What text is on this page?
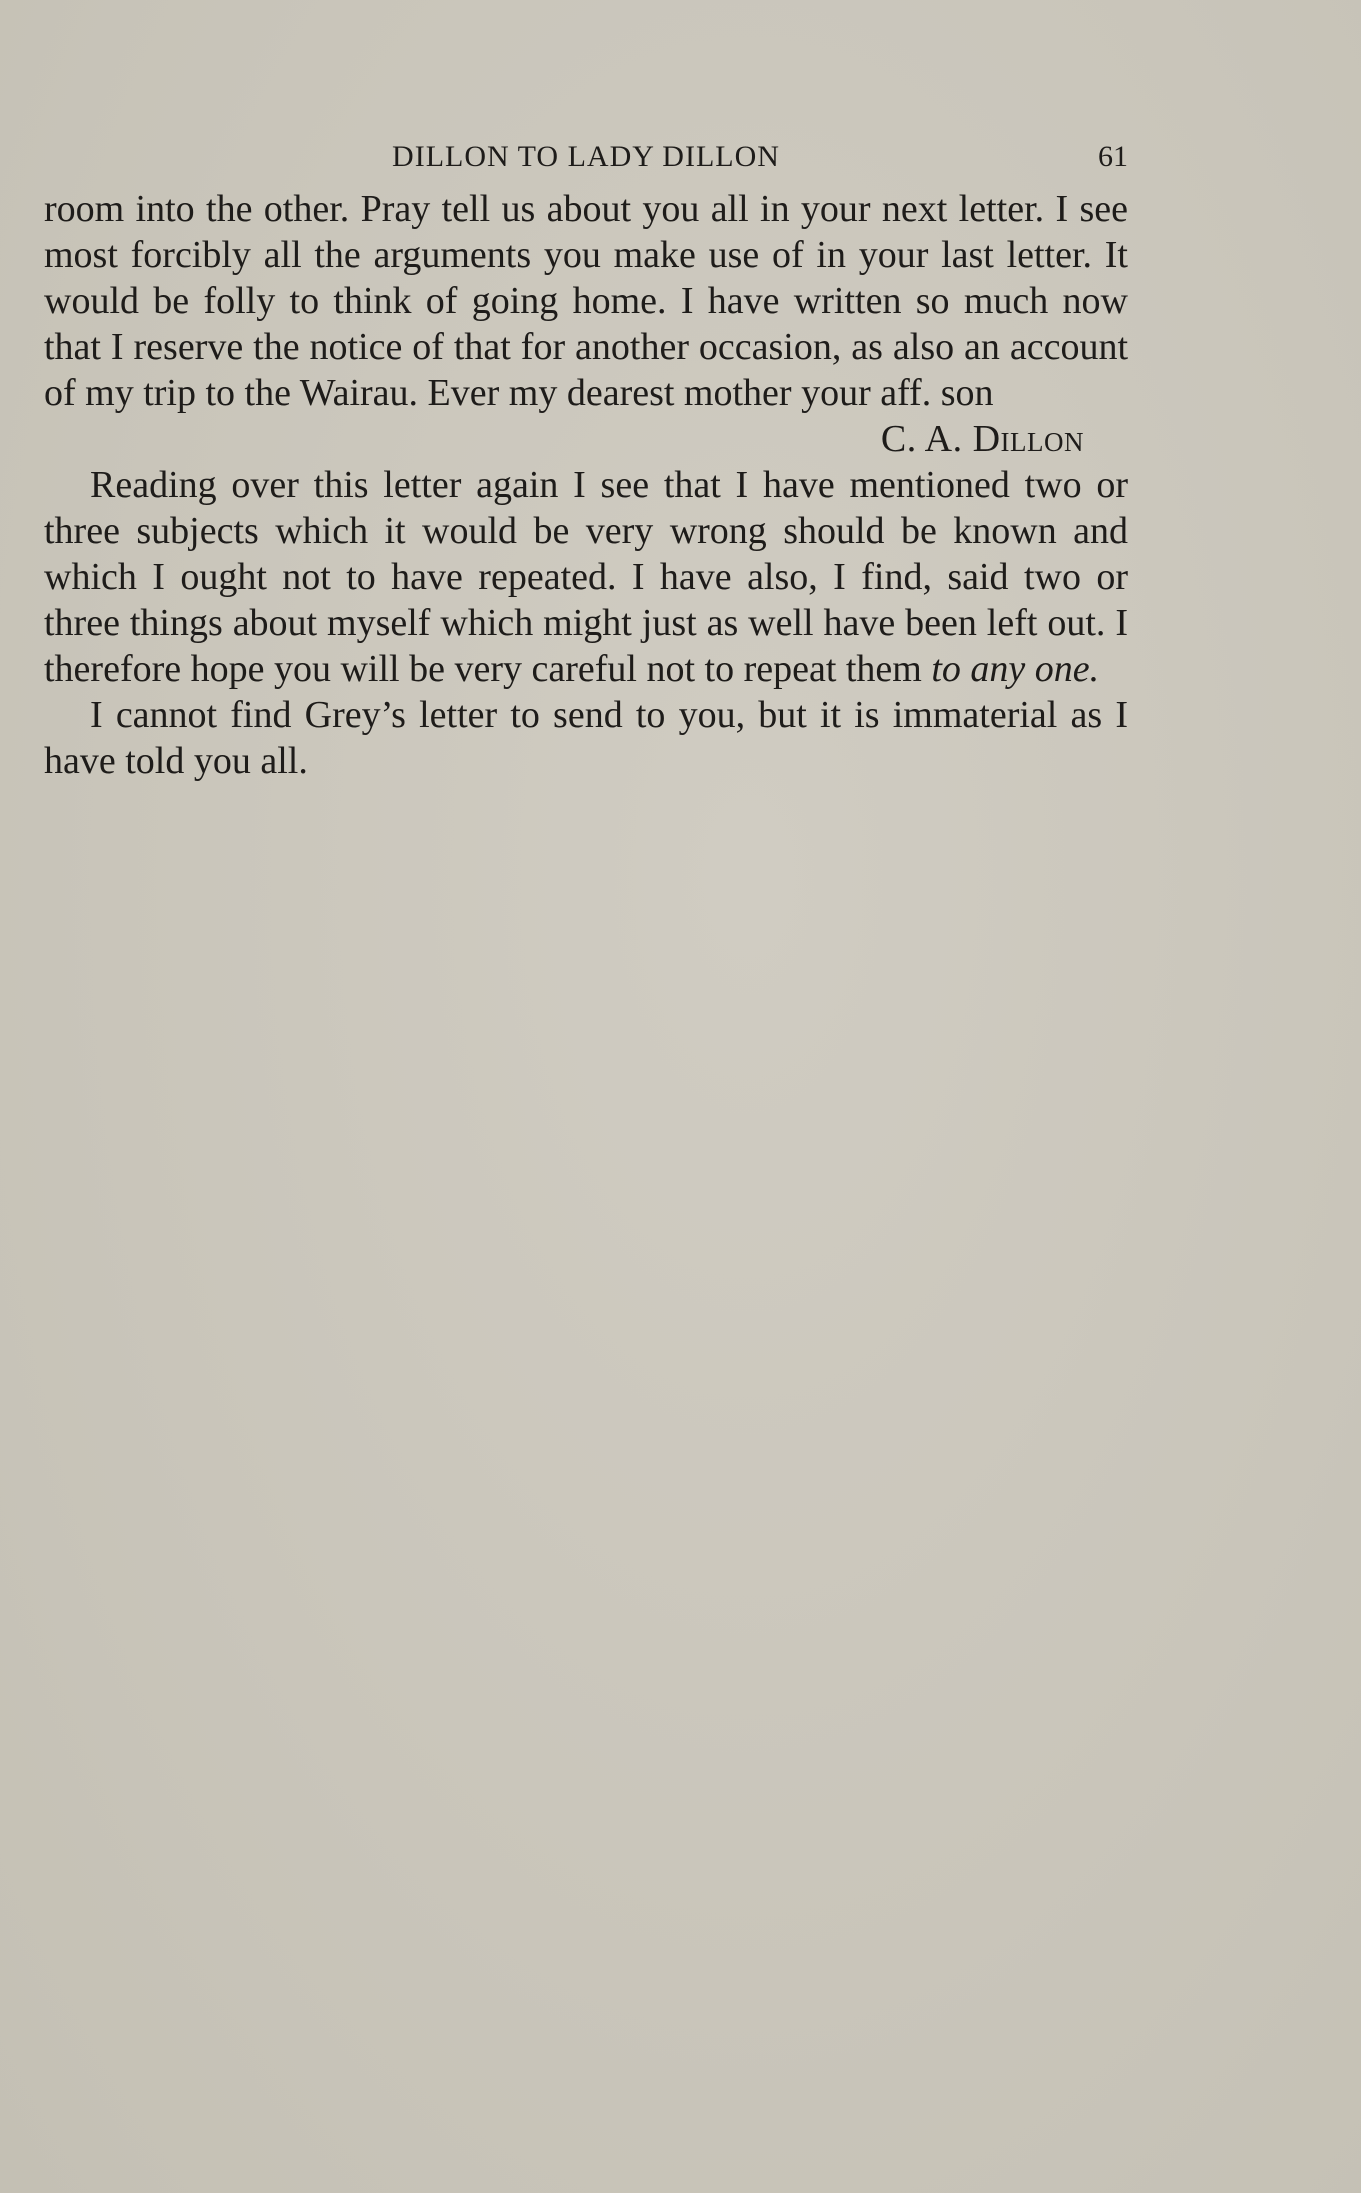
DILLON TO LADY DILLON	61

room into the other. Pray tell us about you all in your next letter. I see most forcibly all the arguments you make use of in your last letter. It would be folly to think of going home. I have written so much now that I reserve the notice of that for another occasion, as also an account of my trip to the Wairau. Ever my dearest mother your aff. son

C. A. Dillon

Reading over this letter again I see that I have mentioned two or three subjects which it would be very wrong should be known and which I ought not to have repeated. I have also, I find, said two or three things about myself which might just as well have been left out. I therefore hope you will be very careful not to repeat them to any one.

I cannot find Grey’s letter to send to you, but it is immaterial as I have told you all.
